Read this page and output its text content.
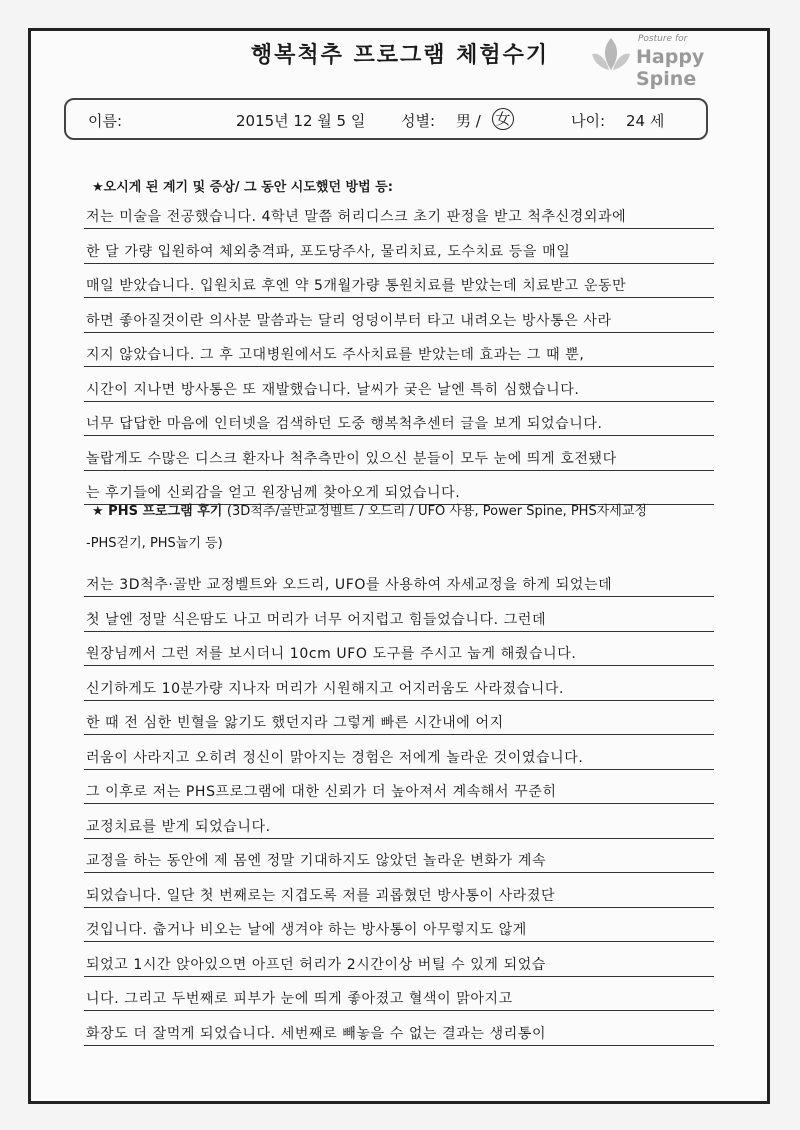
행복척추 프로그램 체험수기
Posture for
Happy Spine
이름:	2015년 12 월 5 일 성별: 男 / 女	나이: 24 세
★오시게 된 계기 및 증상/ 그 동안 시도했던 방법 등:
저는 미술을 전공했습니다. 4학년 말쯤 허리디스크 초기 판정을 받고 척추신경외과에
한 달 가량 입원하여 체외충격파, 포도당주사, 물리치료, 도수치료 등을 매일
매일 받았습니다. 입원치료 후엔 약 5개월가량 통원치료를 받았는데 치료받고 운동만
하면 좋아질것이란 의사분 말씀과는 달리 엉덩이부터 타고 내려오는 방사통은 사라
지지 않았습니다. 그 후 고대병원에서도 주사치료를 받았는데 효과는 그 때 뿐,
시간이 지나면 방사통은 또 재발했습니다. 날씨가 궂은 날엔 특히 심했습니다.
너무 답답한 마음에 인터넷을 검색하던 도중 행복척추센터 글을 보게 되었습니다.
놀랍게도 수많은 디스크 환자나 척추측만이 있으신 분들이 모두 눈에 띄게 호전됐다
는 후기들에 신뢰감을 얻고 원장님께 찾아오게 되었습니다.
★ PHS 프로그램 후기 (3D척추/골반교정벨트 / 오드리 / UFO 사용, Power Spine, PHS자세교정
-PHS걷기, PHS눕기 등)
저는 3D척추·골반 교정벨트와 오드리, UFO를 사용하여 자세교정을 하게 되었는데
첫 날엔 정말 식은땀도 나고 머리가 너무 어지럽고 힘들었습니다. 그런데
원장님께서 그런 저를 보시더니 10cm UFO 도구를 주시고 눕게 해줬습니다.
신기하게도 10분가량 지나자 머리가 시원해지고 어지러움도 사라졌습니다.
한 때 전 심한 빈혈을 앓기도 했던지라 그렇게 빠른 시간내에 어지
러움이 사라지고 오히려 정신이 맑아지는 경험은 저에게 놀라운 것이였습니다.
그 이후로 저는 PHS프로그램에 대한 신뢰가 더 높아져서 계속해서 꾸준히
교정치료를 받게 되었습니다.
교정을 하는 동안에 제 몸엔 정말 기대하지도 않았던 놀라운 변화가 계속
되었습니다. 일단 첫 번째로는 지겹도록 저를 괴롭혔던 방사통이 사라졌단
것입니다. 춥거나 비오는 날에 생겨야 하는 방사통이 아무렇지도 않게
되었고 1시간 앉아있으면 아프던 허리가 2시간이상 버틸 수 있게 되었습
니다. 그리고 두번째로 피부가 눈에 띄게 좋아졌고 혈색이 맑아지고
화장도 더 잘먹게 되었습니다. 세번째로 빼놓을 수 없는 결과는 생리통이
